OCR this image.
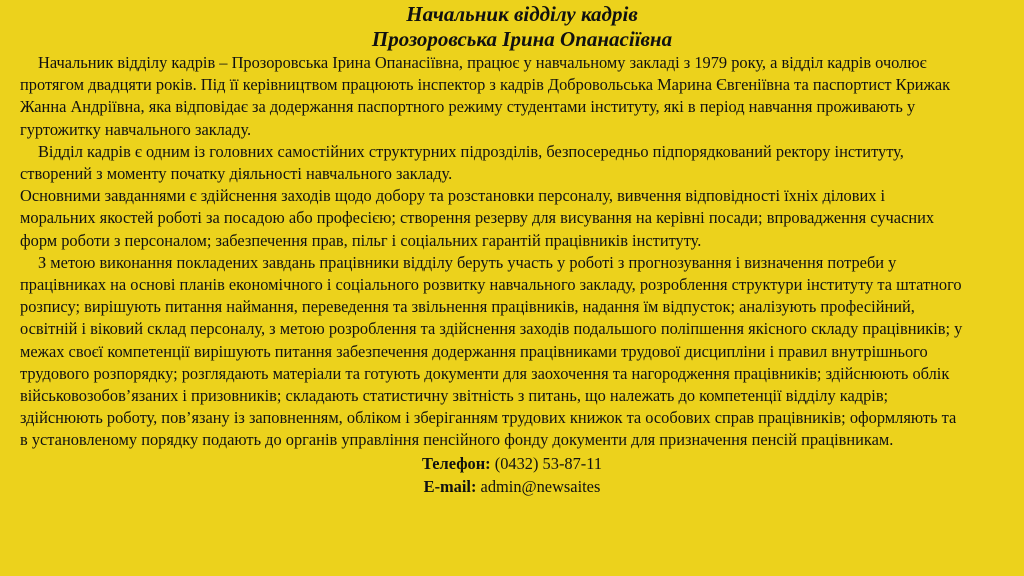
Начальник відділу кадрів
Прозоровська Ірина Опанасіївна

Начальник відділу кадрів – Прозоровська Ірина Опанасіївна, працює у навчальному закладі з 1979 року, а відділ кадрів очолює протягом двадцяти років. Під її керівництвом працюють інспектор з кадрів Добровольська Марина Євгеніївна та паспортист Крижак Жанна Андріївна, яка відповідає за додержання паспортного режиму студентами інституту, які в період навчання проживають у гуртожитку навчального закладу.

Відділ кадрів є одним із головних самостійних структурних підрозділів, безпосередньо підпорядкований ректору інституту, створений з моменту початку діяльності навчального закладу.

Основними завданнями є здійснення заходів щодо добору та розстановки персоналу, вивчення відповідності їхніх ділових і моральних якостей роботі за посадою або професією; створення резерву для висування на керівні посади; впровадження сучасних форм роботи з персоналом; забезпечення прав, пільг і соціальних гарантій працівників інституту.

З метою виконання покладених завдань працівники відділу беруть участь у роботі з прогнозування і визначення потреби у працівниках на основі планів економічного і соціального розвитку навчального закладу, розроблення структури інституту та штатного розпису; вирішують питання наймання, переведення та звільнення працівників, надання їм відпусток; аналізують професійний, освітній і віковий склад персоналу, з метою розроблення та здійснення заходів подальшого поліпшення якісного складу працівників; у межах своєї компетенції вирішують питання забезпечення додержання працівниками трудової дисципліни і правил внутрішнього трудового розпорядку; розглядають матеріали та готують документи для заохочення та нагородження працівників; здійснюють облік військовозобов’язаних і призовників; складають статистичну звітність з питань, що належать до компетенції відділу кадрів; здійснюють роботу, пов’язану із заповненням, обліком і зберіганням трудових книжок та особових справ працівників; оформляють та в установленому порядку подають до органів управління пенсійного фонду документи для призначення пенсій працівникам.

Телефон: (0432) 53-87-11

E-mail: admin@newsaites
